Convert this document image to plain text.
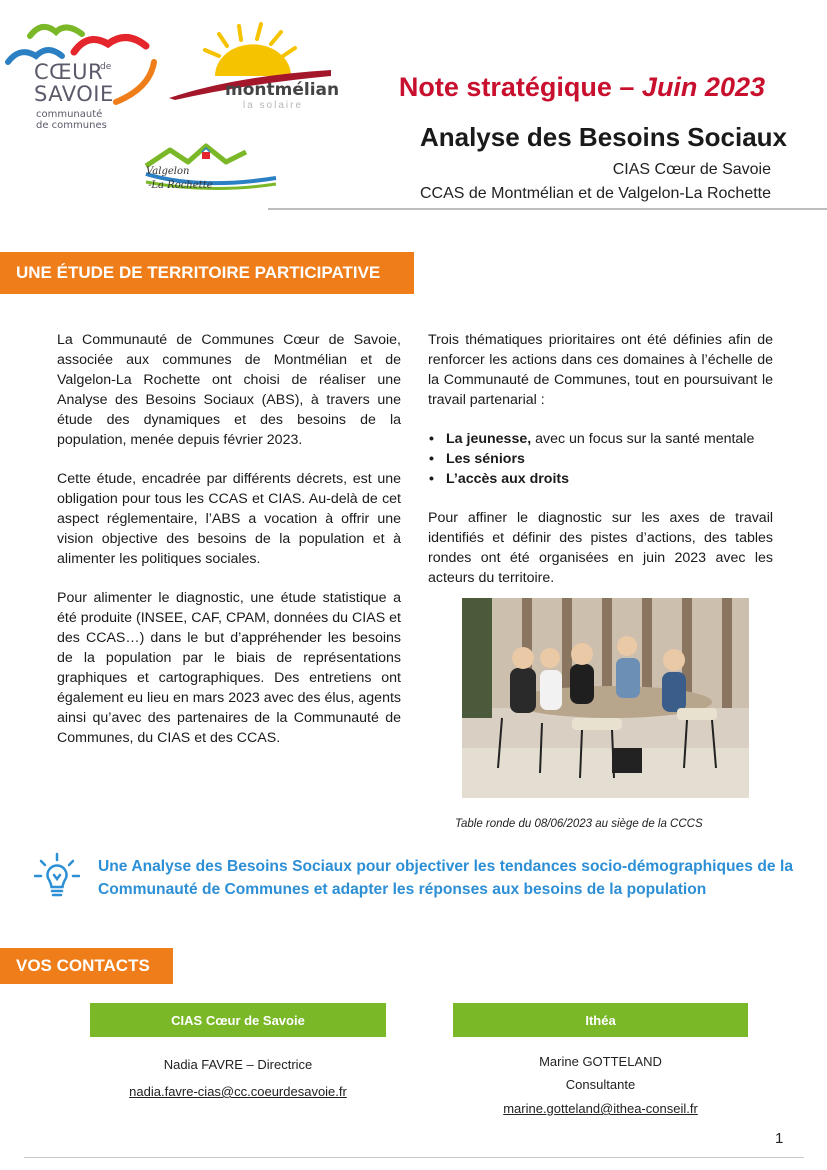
CŒUR
de
SAVOIE
communauté
de communes
montmélian
la solaire
Valgelon
-La Rochette
Note stratégique – Juin 2023
Analyse des Besoins Sociaux
CIAS Cœur de Savoie
CCAS de Montmélian et de Valgelon-La Rochette
UNE ÉTUDE DE TERRITOIRE PARTICIPATIVE

La Communauté de Communes Cœur de Savoie, associée aux communes de Montmélian et de Valgelon-La Rochette ont choisi de réaliser une Analyse des Besoins Sociaux (ABS), à travers une étude des dynamiques et des besoins de la population, menée depuis février 2023.

Cette étude, encadrée par différents décrets, est une obligation pour tous les CCAS et CIAS. Au-delà de cet aspect réglementaire, l’ABS a vocation à offrir une vision objective des besoins de la population et à alimenter les politiques sociales.

Pour alimenter le diagnostic, une étude statistique a été produite (INSEE, CAF, CPAM, données du CIAS et des CCAS…) dans le but d’appréhender les besoins de la population par le biais de représentations graphiques et cartographiques. Des entretiens ont également eu lieu en mars 2023 avec des élus, agents ainsi qu’avec des partenaires de la Communauté de Communes, du CIAS et des CCAS.

Trois thématiques prioritaires ont été définies afin de renforcer les actions dans ces domaines à l’échelle de la Communauté de Communes, tout en poursuivant le travail partenarial :

• La jeunesse, avec un focus sur la santé mentale
• Les séniors
• L’accès aux droits

Pour affiner le diagnostic sur les axes de travail identifiés et définir des pistes d’actions, des tables rondes ont été organisées en juin 2023 avec les acteurs du territoire.

Table ronde du 08/06/2023 au siège de la CCCS
Une Analyse des Besoins Sociaux pour objectiver les tendances socio-démographiques de la Communauté de Communes et adapter les réponses aux besoins de la population
VOS CONTACTS
CIAS Cœur de Savoie
Nadia FAVRE – Directrice
nadia.favre-cias@cc.coeurdesavoie.fr
Ithéa
Marine GOTTELAND
Consultante
marine.gotteland@ithea-conseil.fr
1
